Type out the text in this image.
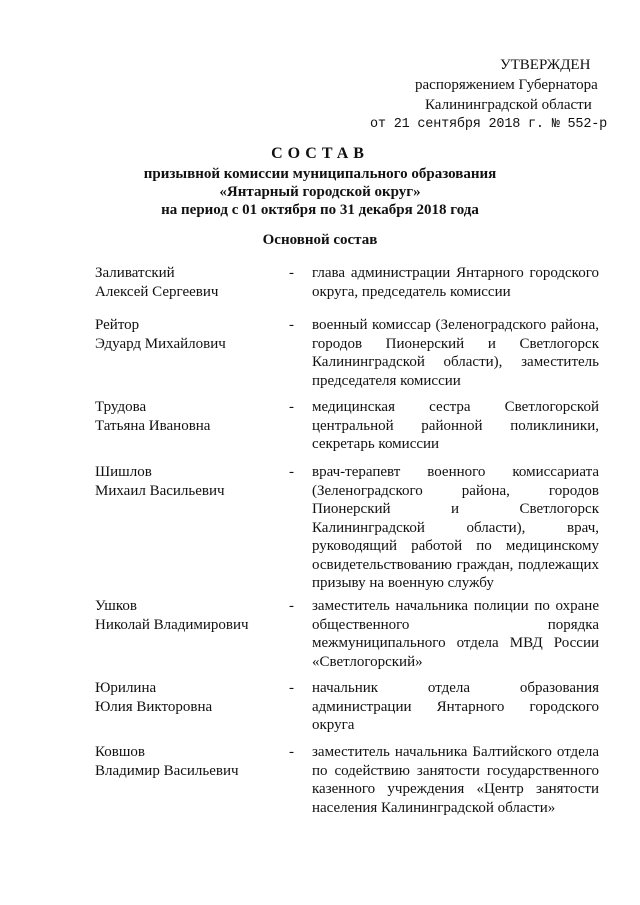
УТВЕРЖДЕН
распоряжением Губернатора
Калининградской области
от 21 сентября 2018 г. № 552-р
СОСТАВ
призывной комиссии муниципального образования
«Янтарный городской округ»
на период с 01 октября по 31 декабря 2018 года
Основной состав
Заливатский
Алексей Сергеевич
-	глава администрации Янтарного городского округа, председатель комиссии
Рейтор
Эдуард Михайлович
-	военный комиссар (Зеленоградского района, городов Пионерский и Светлогорск Калининградской области), заместитель председателя комиссии
Трудова
Татьяна Ивановна
-	медицинская сестра Светлогорской центральной районной поликлиники, секретарь комиссии
Шишлов
Михаил Васильевич
-	врач-терапевт военного комиссариата (Зеленоградского района, городов Пионерский и Светлогорск Калининградской области), врач, руководящий работой по медицинскому освидетельствованию граждан, подлежащих призыву на военную службу
Ушков
Николай Владимирович
-	заместитель начальника полиции по охране общественного порядка межмуниципального отдела МВД России «Светлогорский»
Юрилина
Юлия Викторовна
-	начальник отдела образования администрации Янтарного городского округа
Ковшов
Владимир Васильевич
-	заместитель начальника Балтийского отдела по содействию занятости государственного казенного учреждения «Центр занятости населения Калининградской области»
